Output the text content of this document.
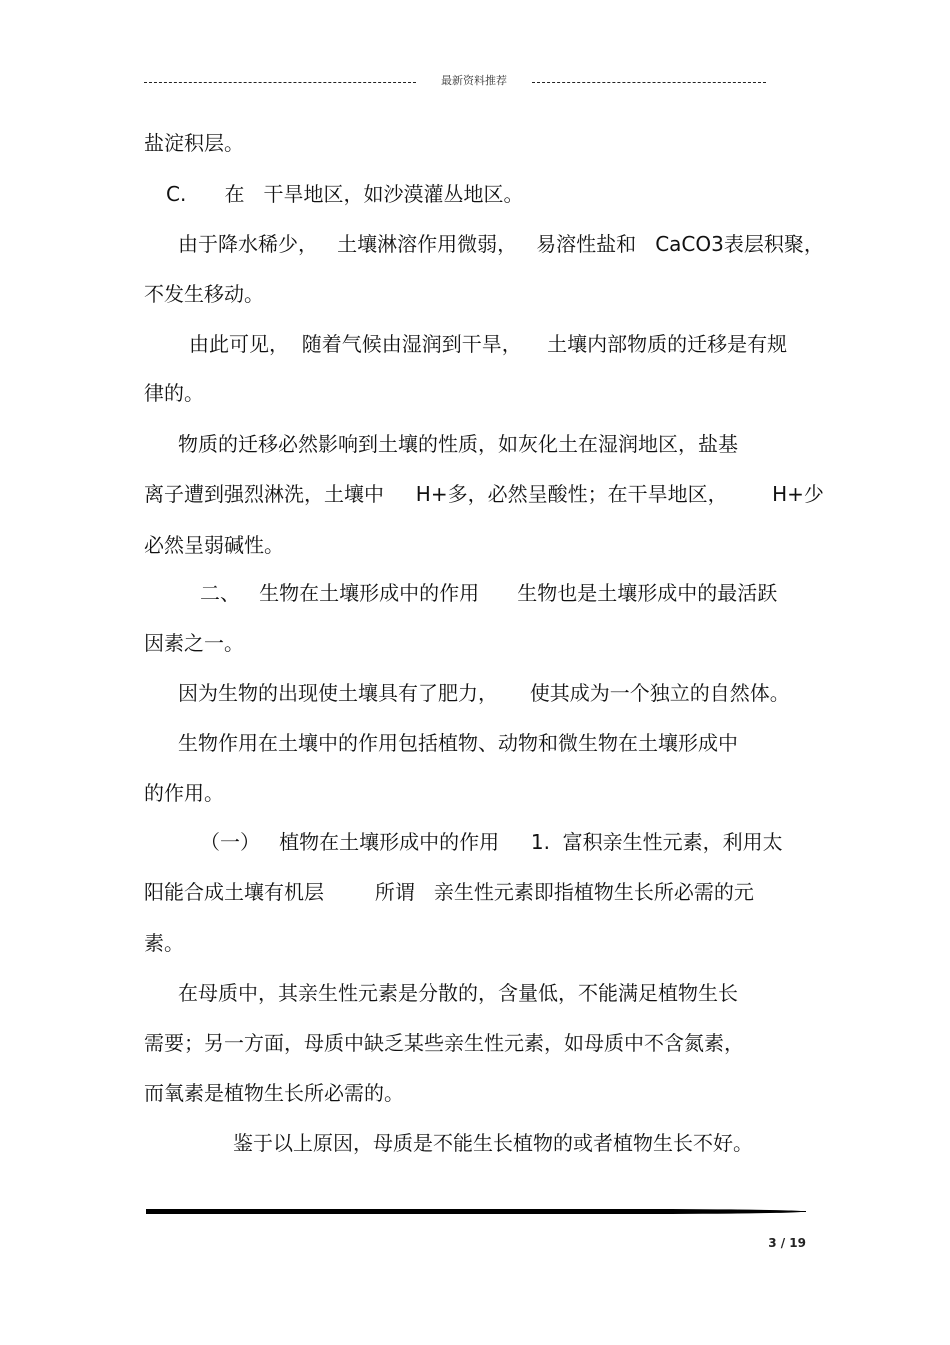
最新资料推荐
盐淀积层。
C.      在   干旱地区，如沙漠灌丛地区。
由于降水稀少，   土壤淋溶作用微弱，   易溶性盐和   CaCO3表层积聚，
不发生移动。
由此可见，  随着气候由湿润到干旱，    土壤内部物质的迁移是有规
律的。
物质的迁移必然影响到土壤的性质，如灰化土在湿润地区，盐基
离子遭到强烈淋洗，土壤中     H+多，必然呈酸性；在干旱地区，       H+少
必然呈弱碱性。
二、   生物在土壤形成中的作用      生物也是土壤形成中的最活跃
因素之一。
因为生物的出现使土壤具有了肥力，     使其成为一个独立的自然体。
生物作用在土壤中的作用包括植物、动物和微生物在土壤形成中
的作用。
（一）   植物在土壤形成中的作用     1.  富积亲生性元素，利用太
阳能合成土壤有机层        所谓   亲生性元素即指植物生长所必需的元
素。
在母质中，其亲生性元素是分散的，含量低，不能满足植物生长
需要；另一方面，母质中缺乏某些亲生性元素，如母质中不含氮素，
而氧素是植物生长所必需的。
鉴于以上原因，母质是不能生长植物的或者植物生长不好。
3 / 19
